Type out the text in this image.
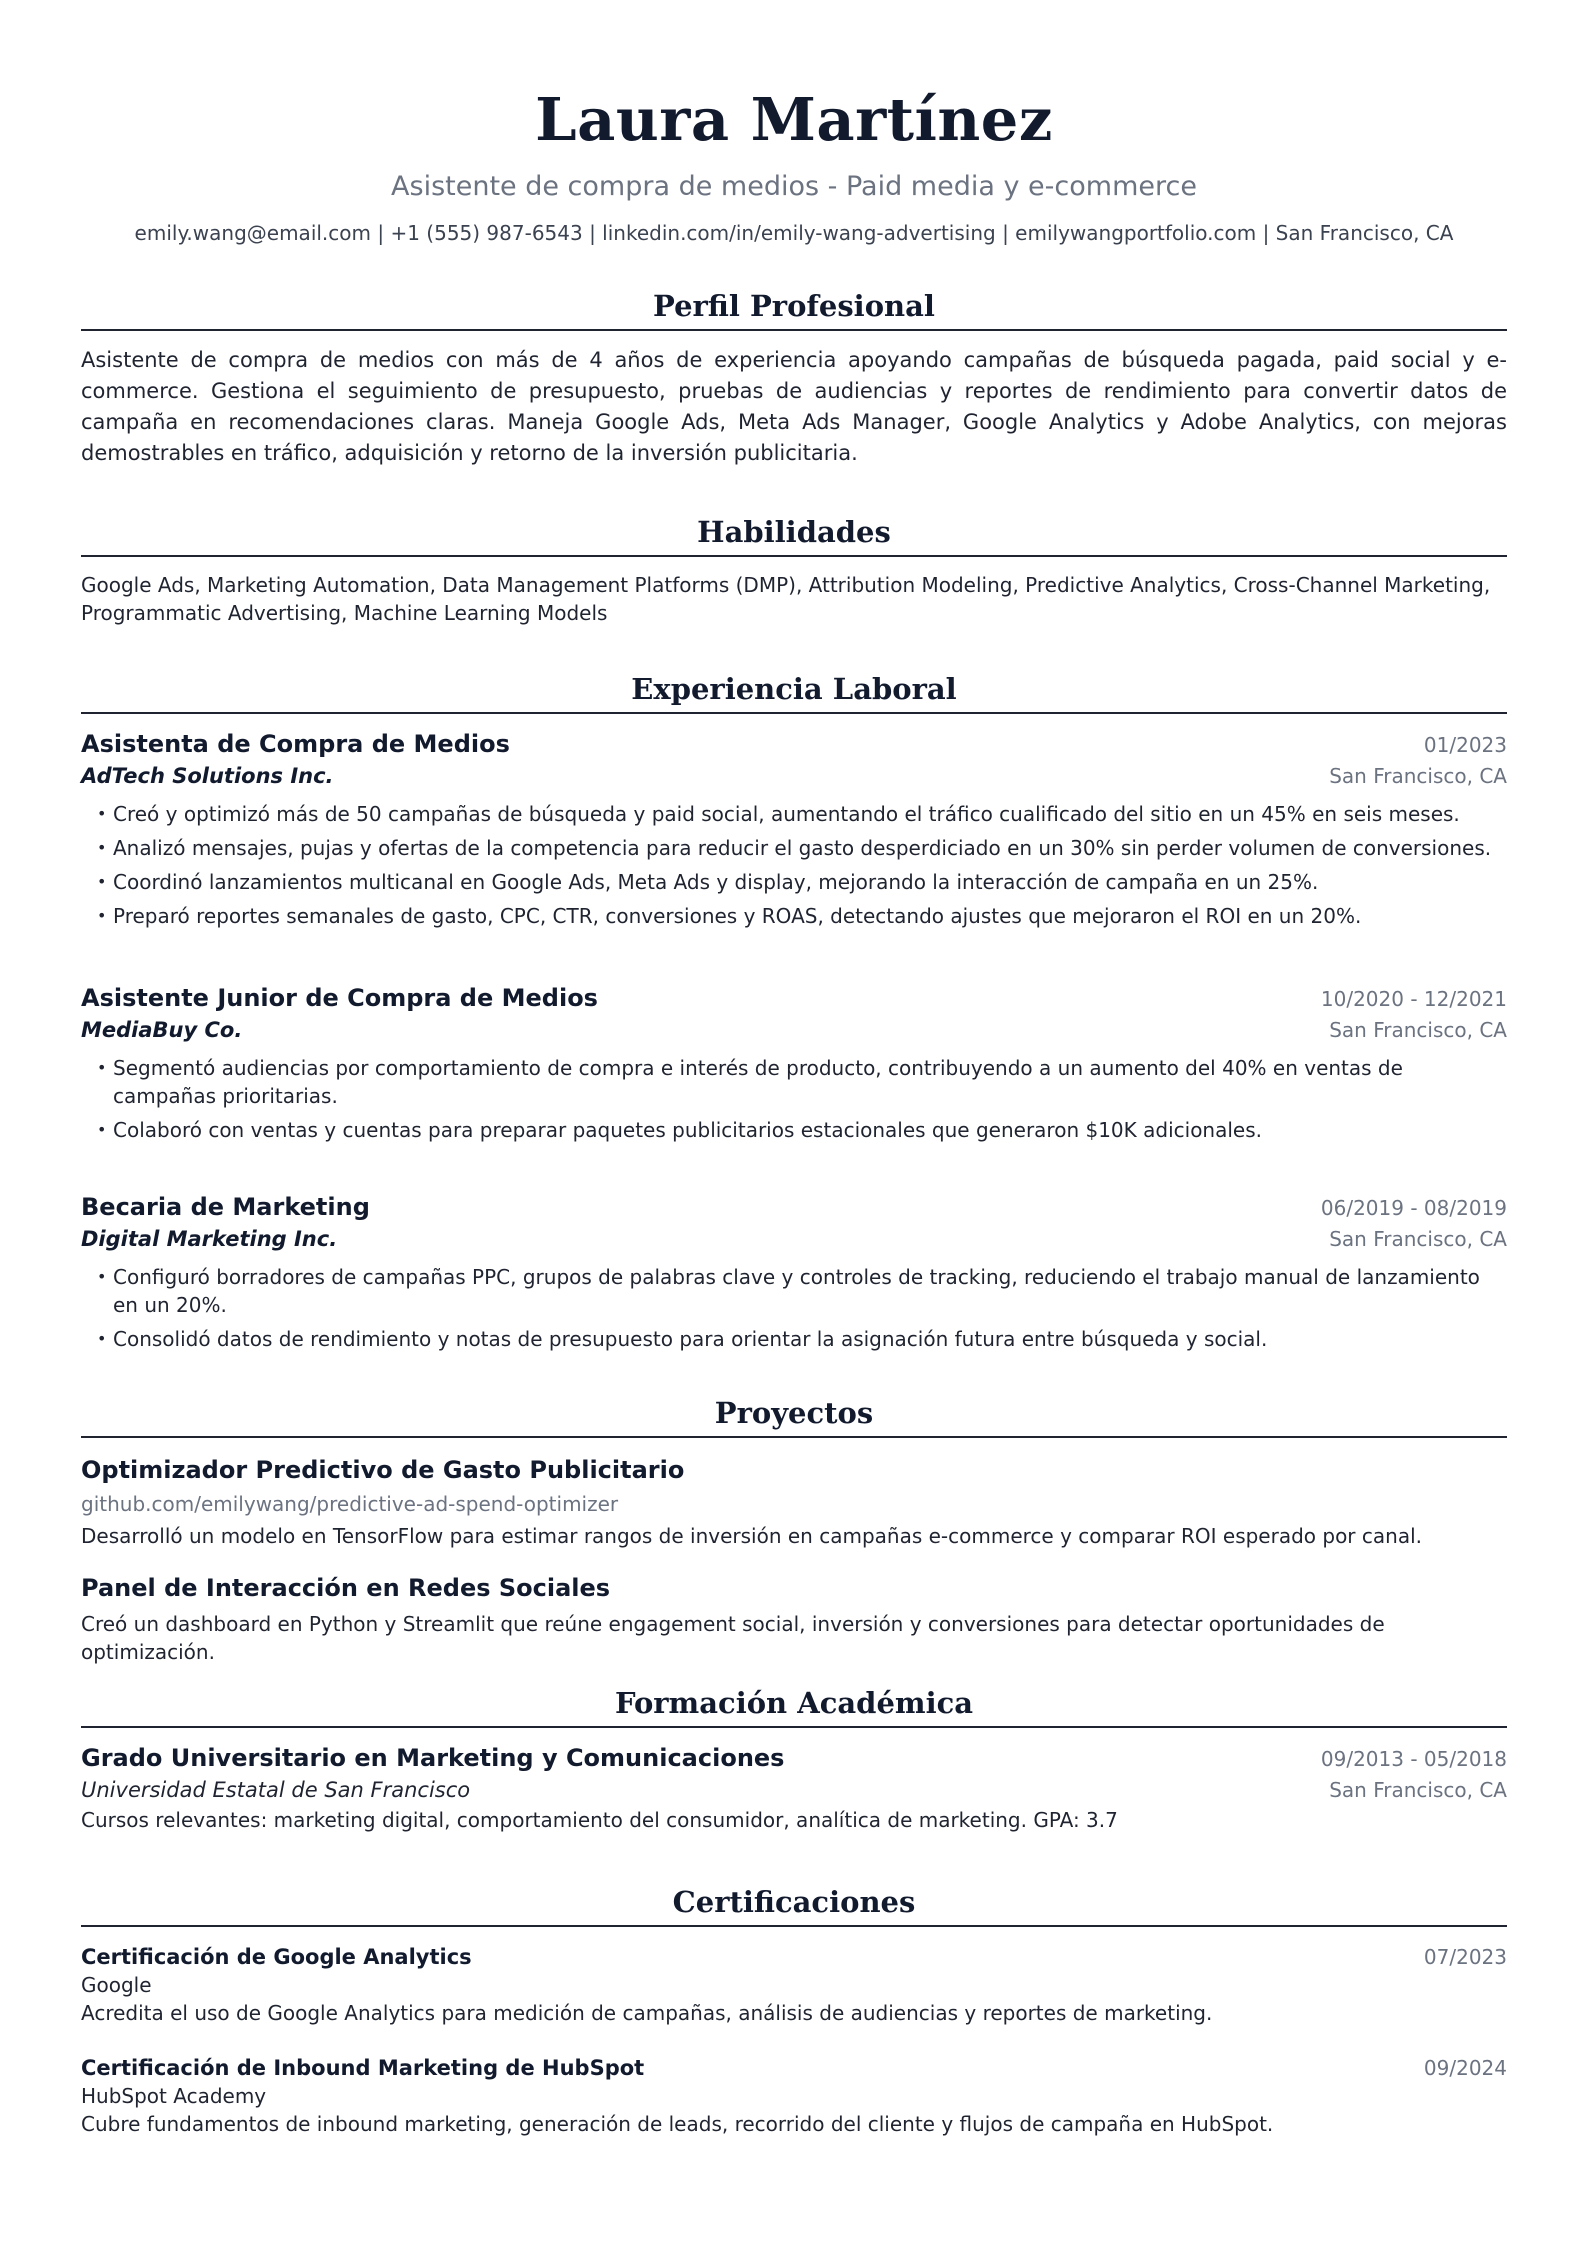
Laura Martínez
Asistente de compra de medios - Paid media y e-commerce
emily.wang@email.com | +1 (555) 987-6543 | linkedin.com/in/emily-wang-advertising | emilywangportfolio.com | San Francisco, CA
Perfil Profesional
Asistente de compra de medios con más de 4 años de experiencia apoyando campañas de búsqueda pagada, paid social y e-commerce. Gestiona el seguimiento de presupuesto, pruebas de audiencias y reportes de rendimiento para convertir datos de campaña en recomendaciones claras. Maneja Google Ads, Meta Ads Manager, Google Analytics y Adobe Analytics, con mejoras demostrables en tráfico, adquisición y retorno de la inversión publicitaria.
Habilidades
Google Ads, Marketing Automation, Data Management Platforms (DMP), Attribution Modeling, Predictive Analytics, Cross-Channel Marketing, Programmatic Advertising, Machine Learning Models
Experiencia Laboral
Asistenta de Compra de Medios	01/2023
AdTech Solutions Inc.	San Francisco, CA
• Creó y optimizó más de 50 campañas de búsqueda y paid social, aumentando el tráfico cualificado del sitio en un 45% en seis meses.
• Analizó mensajes, pujas y ofertas de la competencia para reducir el gasto desperdiciado en un 30% sin perder volumen de conversiones.
• Coordinó lanzamientos multicanal en Google Ads, Meta Ads y display, mejorando la interacción de campaña en un 25%.
• Preparó reportes semanales de gasto, CPC, CTR, conversiones y ROAS, detectando ajustes que mejoraron el ROI en un 20%.
Asistente Junior de Compra de Medios	10/2020 - 12/2021
MediaBuy Co.	San Francisco, CA
• Segmentó audiencias por comportamiento de compra e interés de producto, contribuyendo a un aumento del 40% en ventas de campañas prioritarias.
• Colaboró con ventas y cuentas para preparar paquetes publicitarios estacionales que generaron $10K adicionales.
Becaria de Marketing	06/2019 - 08/2019
Digital Marketing Inc.	San Francisco, CA
• Configuró borradores de campañas PPC, grupos de palabras clave y controles de tracking, reduciendo el trabajo manual de lanzamiento en un 20%.
• Consolidó datos de rendimiento y notas de presupuesto para orientar la asignación futura entre búsqueda y social.
Proyectos
Optimizador Predictivo de Gasto Publicitario
github.com/emilywang/predictive-ad-spend-optimizer
Desarrolló un modelo en TensorFlow para estimar rangos de inversión en campañas e-commerce y comparar ROI esperado por canal.
Panel de Interacción en Redes Sociales
Creó un dashboard en Python y Streamlit que reúne engagement social, inversión y conversiones para detectar oportunidades de optimización.
Formación Académica
Grado Universitario en Marketing y Comunicaciones	09/2013 - 05/2018
Universidad Estatal de San Francisco	San Francisco, CA
Cursos relevantes: marketing digital, comportamiento del consumidor, analítica de marketing. GPA: 3.7
Certificaciones
Certificación de Google Analytics	07/2023
Google
Acredita el uso de Google Analytics para medición de campañas, análisis de audiencias y reportes de marketing.
Certificación de Inbound Marketing de HubSpot	09/2024
HubSpot Academy
Cubre fundamentos de inbound marketing, generación de leads, recorrido del cliente y flujos de campaña en HubSpot.
